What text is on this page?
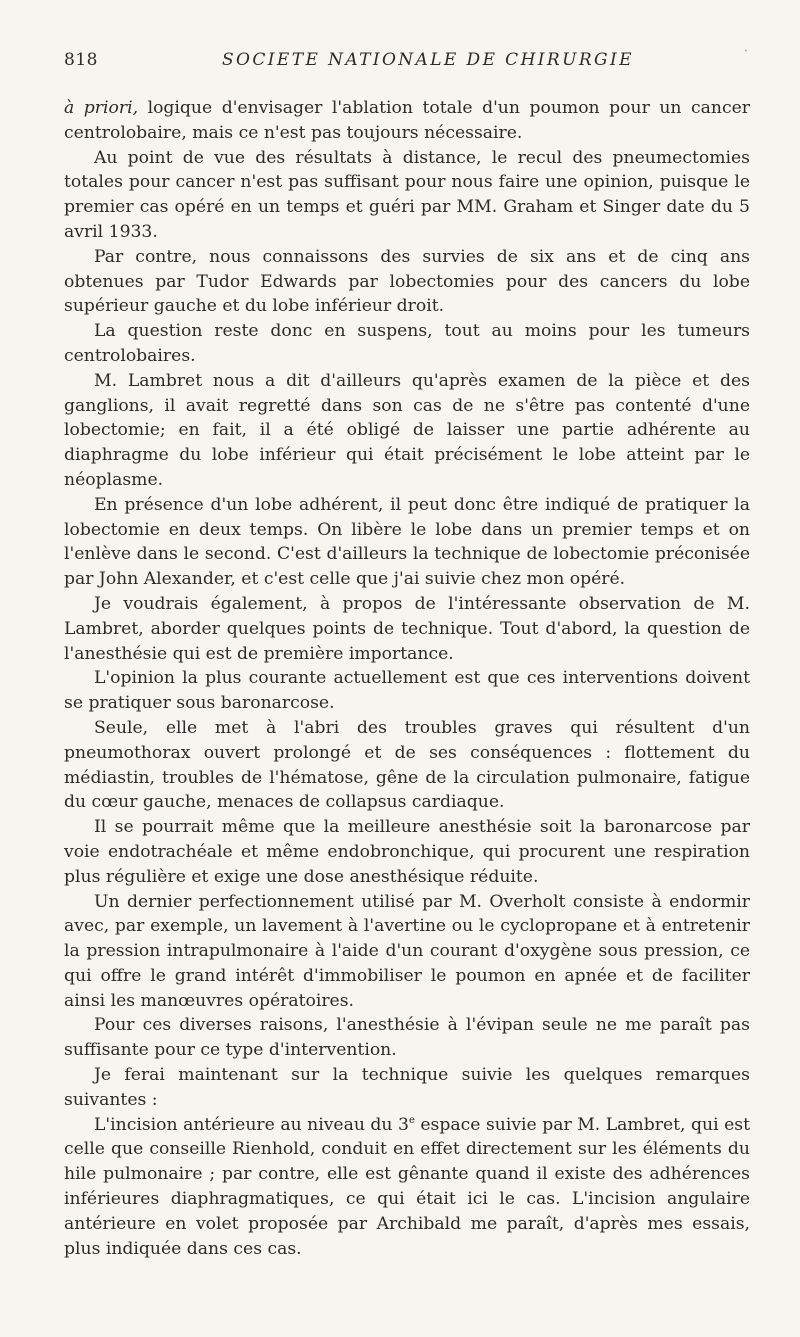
818	SOCIETE NATIONALE DE CHIRURGIE	·

à priori, logique d'envisager l'ablation totale d'un poumon pour un cancer centrolobaire, mais ce n'est pas toujours nécessaire.

Au point de vue des résultats à distance, le recul des pneumectomies totales pour cancer n'est pas suffisant pour nous faire une opinion, puisque le premier cas opéré en un temps et guéri par MM. Graham et Singer date du 5 avril 1933.

Par contre, nous connaissons des survies de six ans et de cinq ans obtenues par Tudor Edwards par lobectomies pour des cancers du lobe supérieur gauche et du lobe inférieur droit.

La question reste donc en suspens, tout au moins pour les tumeurs centrolobaires.

M. Lambret nous a dit d'ailleurs qu'après examen de la pièce et des ganglions, il avait regretté dans son cas de ne s'être pas contenté d'une lobectomie; en fait, il a été obligé de laisser une partie adhérente au diaphragme du lobe inférieur qui était précisément le lobe atteint par le néoplasme.

En présence d'un lobe adhérent, il peut donc être indiqué de pratiquer la lobectomie en deux temps. On libère le lobe dans un premier temps et on l'enlève dans le second. C'est d'ailleurs la technique de lobectomie préconisée par John Alexander, et c'est celle que j'ai suivie chez mon opéré.

Je voudrais également, à propos de l'intéressante observation de M. Lambret, aborder quelques points de technique. Tout d'abord, la question de l'anesthésie qui est de première importance.

L'opinion la plus courante actuellement est que ces interventions doivent se pratiquer sous baronarcose.

Seule, elle met à l'abri des troubles graves qui résultent d'un pneumothorax ouvert prolongé et de ses conséquences : flottement du médiastin, troubles de l'hématose, gêne de la circulation pulmonaire, fatigue du cœur gauche, menaces de collapsus cardiaque.

Il se pourrait même que la meilleure anesthésie soit la baronarcose par voie endotrachéale et même endobronchique, qui procurent une respiration plus régulière et exige une dose anesthésique réduite.

Un dernier perfectionnement utilisé par M. Overholt consiste à endormir avec, par exemple, un lavement à l'avertine ou le cyclopropane et à entretenir la pression intrapulmonaire à l'aide d'un courant d'oxygène sous pression, ce qui offre le grand intérêt d'immobiliser le poumon en apnée et de faciliter ainsi les manœuvres opératoires.

Pour ces diverses raisons, l'anesthésie à l'évipan seule ne me paraît pas suffisante pour ce type d'intervention.

Je ferai maintenant sur la technique suivie les quelques remarques suivantes :

L'incision antérieure au niveau du 3e espace suivie par M. Lambret, qui est celle que conseille Rienhold, conduit en effet directement sur les éléments du hile pulmonaire ; par contre, elle est gênante quand il existe des adhérences inférieures diaphragmatiques, ce qui était ici le cas. L'incision angulaire antérieure en volet proposée par Archibald me paraît, d'après mes essais, plus indiquée dans ces cas.
